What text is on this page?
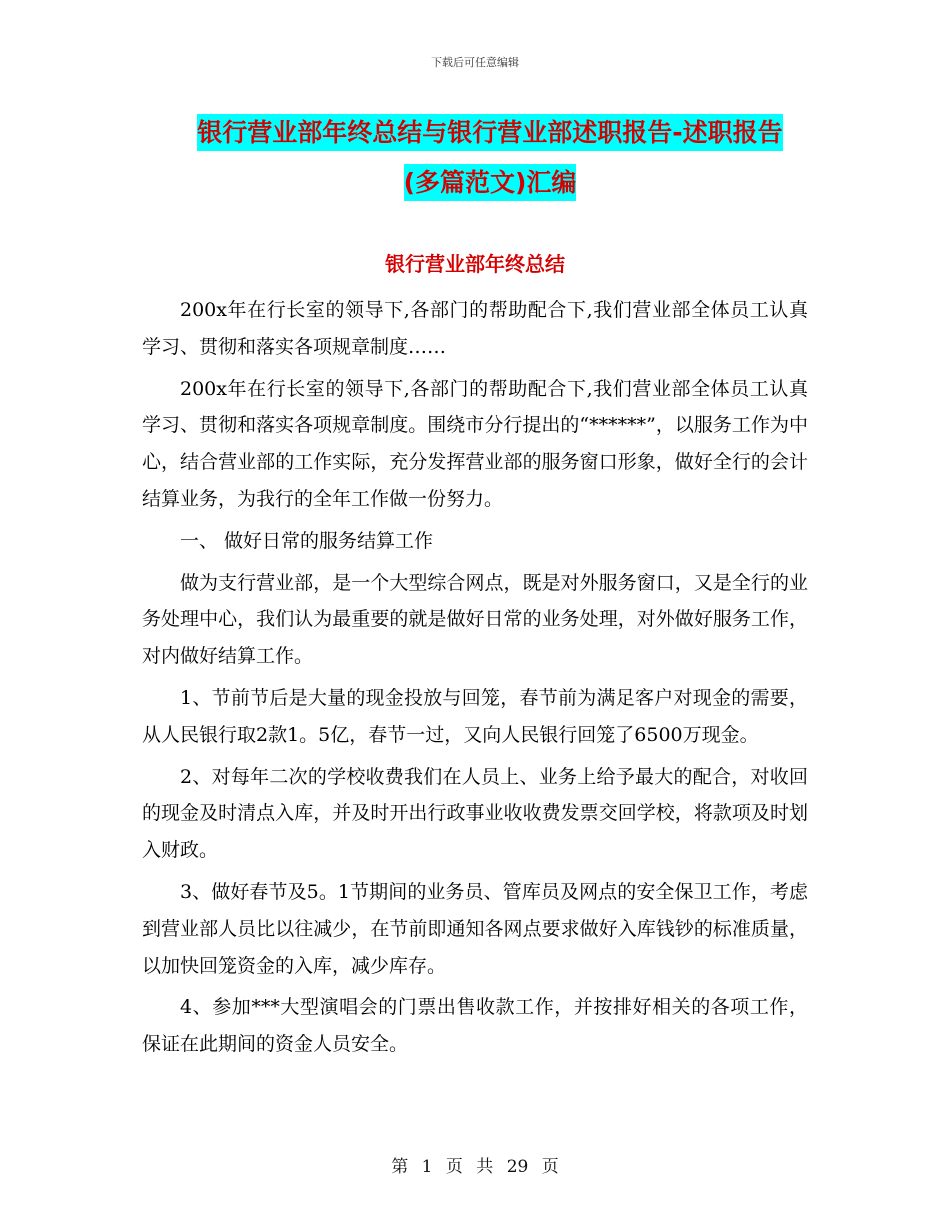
下载后可任意编辑
银行营业部年终总结与银行营业部述职报告-述职报告
(多篇范文)汇编
银行营业部年终总结

200x年在行长室的领导下,各部门的帮助配合下,我们营业部全体员工认真学习、贯彻和落实各项规章制度……

200x年在行长室的领导下,各部门的帮助配合下,我们营业部全体员工认真学习、贯彻和落实各项规章制度。围绕市分行提出的“******”，以服务工作为中心，结合营业部的工作实际，充分发挥营业部的服务窗口形象，做好全行的会计结算业务，为我行的全年工作做一份努力。

一、 做好日常的服务结算工作

做为支行营业部，是一个大型综合网点，既是对外服务窗口，又是全行的业务处理中心，我们认为最重要的就是做好日常的业务处理，对外做好服务工作，对内做好结算工作。

1、节前节后是大量的现金投放与回笼，春节前为满足客户对现金的需要，从人民银行取2款1。5亿，春节一过，又向人民银行回笼了6500万现金。

2、对每年二次的学校收费我们在人员上、业务上给予最大的配合，对收回的现金及时清点入库，并及时开出行政事业收收费发票交回学校，将款项及时划入财政。

3、做好春节及5。1节期间的业务员、管库员及网点的安全保卫工作，考虑到营业部人员比以往减少，在节前即通知各网点要求做好入库钱钞的标准质量，以加快回笼资金的入库，减少库存。

4、参加***大型演唱会的门票出售收款工作，并按排好相关的各项工作，保证在此期间的资金人员安全。

第 1 页 共 29 页
